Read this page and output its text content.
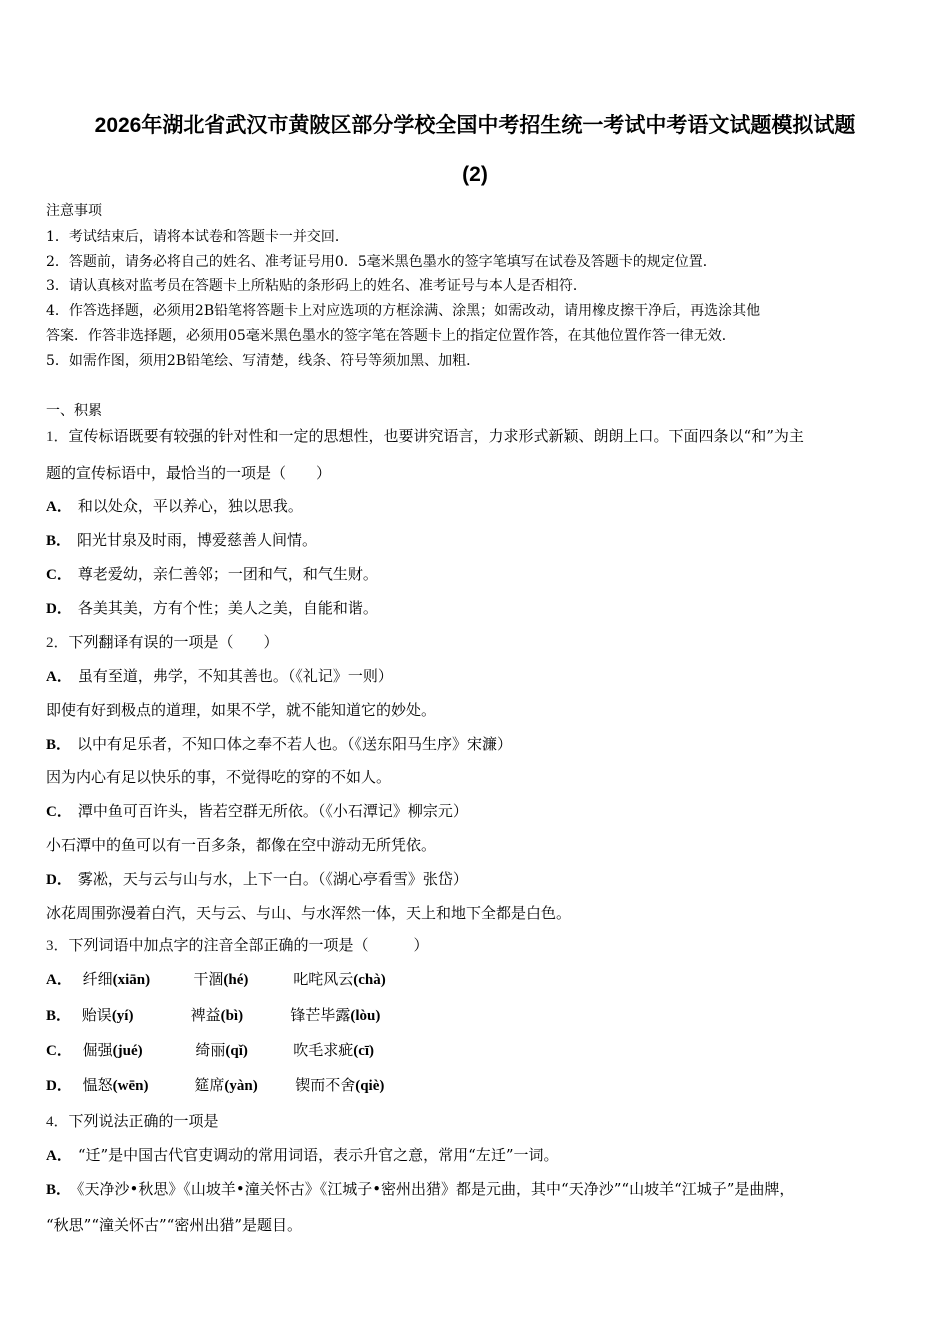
2026年湖北省武汉市黄陂区部分学校全国中考招生统一考试中考语文试题模拟试题
(2)
注意事项
1．考试结束后，请将本试卷和答题卡一并交回．
2．答题前，请务必将自己的姓名、准考证号用0．5毫米黑色墨水的签字笔填写在试卷及答题卡的规定位置．
3．请认真核对监考员在答题卡上所粘贴的条形码上的姓名、准考证号与本人是否相符．
4．作答选择题，必须用2B铅笔将答题卡上对应选项的方框涂满、涂黑；如需改动，请用橡皮擦干净后，再选涂其他
答案．作答非选择题，必须用05毫米黑色墨水的签字笔在答题卡上的指定位置作答，在其他位置作答一律无效．
5．如需作图，须用2B铅笔绘、写清楚，线条、符号等须加黑、加粗．
一、积累
1．宣传标语既要有较强的针对性和一定的思想性，也要讲究语言，力求形式新颖、朗朗上口。下面四条以“和”为主
题的宣传标语中，最恰当的一项是（　　）
A． 和以处众，平以养心，独以思我。
B． 阳光甘泉及时雨，博爱慈善人间情。
C． 尊老爱幼，亲仁善邻；一团和气，和气生财。
D． 各美其美，方有个性；美人之美，自能和谐。
2．下列翻译有误的一项是（　　）
A． 虽有至道，弗学，不知其善也。（《礼记》一则）
即使有好到极点的道理，如果不学，就不能知道它的妙处。
B． 以中有足乐者，不知口体之奉不若人也。（《送东阳马生序》宋濂）
因为内心有足以快乐的事，不觉得吃的穿的不如人。
C． 潭中鱼可百许头，皆若空群无所依。（《小石潭记》柳宗元）
小石潭中的鱼可以有一百多条，都像在空中游动无所凭依。
D． 雾凇，天与云与山与水，上下一白。（《湖心亭看雪》张岱）
冰花周围弥漫着白汽，天与云、与山、与水浑然一体，天上和地下全都是白色。
3．下列词语中加点字的注音全部正确的一项是（　　　）
A． 纤细(xiān)	干涸(hé)	叱咤风云(chà)
B． 贻误(yí)	裨益(bì)	锋芒毕露(lòu)
C． 倔强(jué)	绮丽(qǐ)	吹毛求疵(cī)
D． 愠怒(wēn)	筵席(yàn) 锲而不舍(qiè)
4．下列说法正确的一项是
A． “迁”是中国古代官吏调动的常用词语，表示升官之意，常用“左迁”一词。
B． 《天净沙•秋思》《山坡羊•潼关怀古》《江城子•密州出猎》都是元曲，其中“天净沙”“山坡羊“江城子”是曲牌，
“秋思”“潼关怀古”“密州出猎”是题目。
